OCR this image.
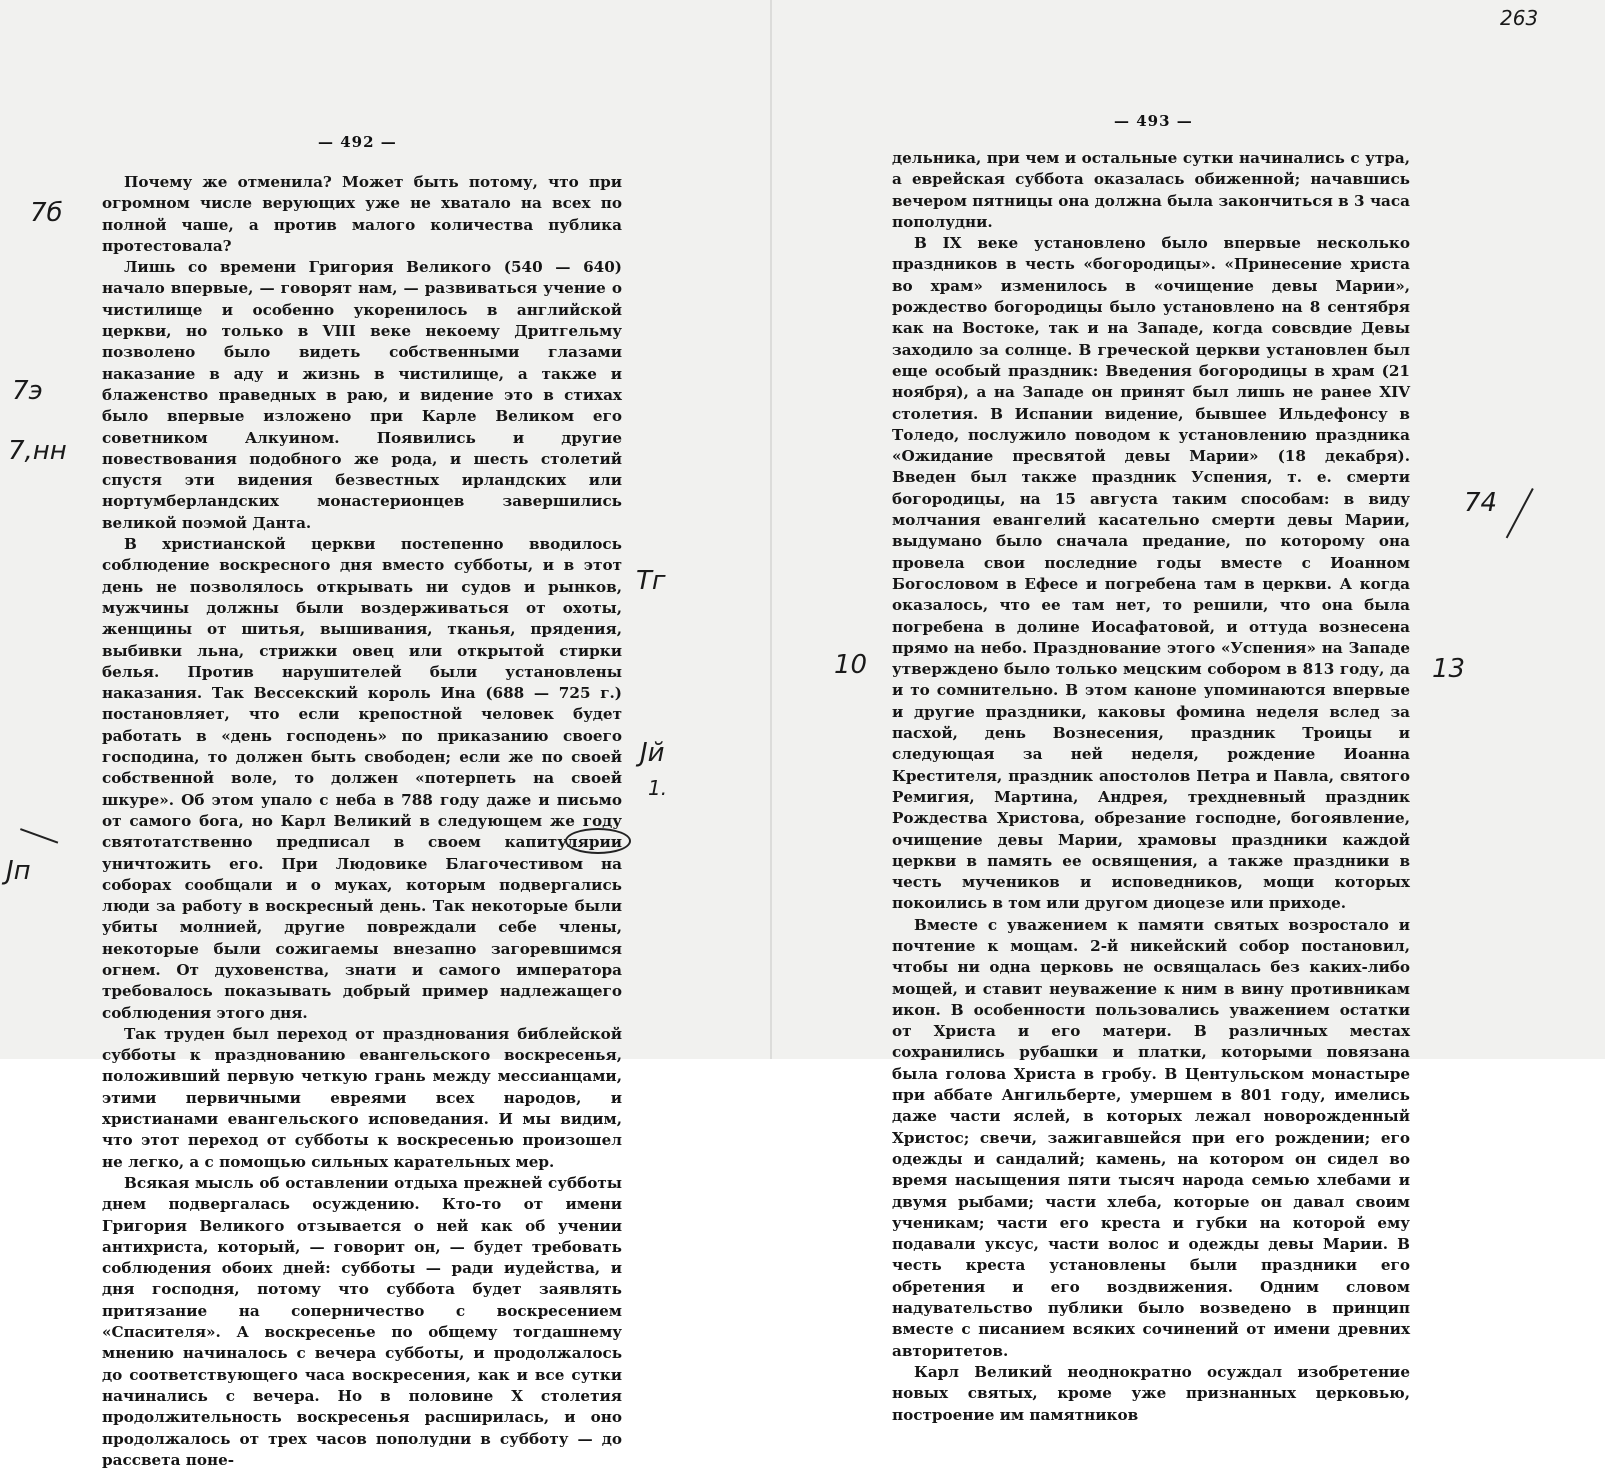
— 492 —

Почему же отменила? Может быть потому, что при огромном числе верующих уже не хватало на всех по полной чаше, а против малого количества публика протестовала?

Лишь со времени Григория Великого (540 — 640) начало впервые, — говорят нам, — развиваться учение о чистилище и особенно укоренилось в английской церкви, но только в VIII веке некоему Дритгельму позволено было видеть собственными глазами наказание в аду и жизнь в чистилище, а также и блаженство праведных в раю, и видение это в стихах было впервые изложено при Карле Великом его советником Алкуином. Появились и другие повествования подобного же рода, и шесть столетий спустя эти видения безвестных ирландских или нортумберландских монастерионцев завершились великой поэмой Данта.

В христианской церкви постепенно вводилось соблюдение воскресного дня вместо субботы, и в этот день не позволялось открывать ни судов и рынков, мужчины должны были воздерживаться от охоты, женщины от шитья, вышивания, тканья, прядения, выбивки льна, стрижки овец или открытой стирки белья. Против нарушителей были установлены наказания. Так Вессекский король Ина (688 — 725 г.) постановляет, что если крепостной человек будет работать в «день господень» по приказанию своего господина, то должен быть свободен; если же по своей собственной воле, то должен «потерпеть на своей шкуре». Об этом упало с неба в 788 году даже и письмо от самого бога, но Карл Великий в следующем же году святотатственно предписал в своем капитулярии уничтожить его. При Людовике Благочестивом на соборах сообщали и о муках, которым подвергались люди за работу в воскресный день. Так некоторые были убиты молнией, другие повреждали себе члены, некоторые были сожигаемы внезапно загоревшимся огнем. От духовенства, знати и самого императора требовалось показывать добрый пример надлежащего соблюдения этого дня.

Так труден был переход от празднования библейской субботы к празднованию евангельского воскресенья, положивший первую четкую грань между мессианцами, этими первичными евреями всех народов, и христианами евангельского исповедания. И мы видим, что этот переход от субботы к воскресенью произошел не легко, а с помощью сильных карательных мер.

Всякая мысль об оставлении отдыха прежней субботы днем подвергалась осуждению. Кто-то от имени Григория Великого отзывается о ней как об учении антихриста, который, — говорит он, — будет требовать соблюдения обоих дней: субботы — ради иудейства, и дня господня, потому что суббота будет заявлять притязание на соперничество с воскресением «Спасителя». А воскресенье по общему тогдашнему мнению начиналось с вечера субботы, и продолжалось до соответствующего часа воскресения, как и все сутки начинались с вечера. Но в половине X столетия продолжительность воскресенья расширилась, и оно продолжалось от трех часов пополудни в субботу — до рассвета поне-

7б
7э
7,нн
Тг
Јй
1.
Јп
— 493 —

дельника, при чем и остальные сутки начинались с утра, а еврейская суббота оказалась обиженной; начавшись вечером пятницы она должна была закончиться в 3 часа пополудни.

В IX веке установлено было впервые несколько праздников в честь «богородицы». «Принесение христа во храм» изменилось в «очищение девы Марии», рождество богородицы было установлено на 8 сентября как на Востоке, так и на Западе, когда совсвдие Девы заходило за солнце. В греческой церкви установлен был еще особый праздник: Введения богородицы в храм (21 ноября), а на Западе он принят был лишь не ранее XIV столетия. В Испании видение, бывшее Ильдефонсу в Толедо, послужило поводом к установлению праздника «Ожидание пресвятой девы Марии» (18 декабря). Введен был также праздник Успения, т. е. смерти богородицы, на 15 августа таким способам: в виду молчания евангелий касательно смерти девы Марии, выдумано было сначала предание, по которому она провела свои последние годы вместе с Иоанном Богословом в Ефесе и погребена там в церкви. А когда оказалось, что ее там нет, то решили, что она была погребена в долине Иосафатовой, и оттуда вознесена прямо на небо. Празднование этого «Успения» на Западе утверждено было только мецским собором в 813 году, да и то сомнительно. В этом каноне упоминаются впервые и другие праздники, каковы фомина неделя вслед за пасхой, день Вознесения, праздник Троицы и следующая за ней неделя, рождение Иоанна Крестителя, праздник апостолов Петра и Павла, святого Ремигия, Мартина, Андрея, трехдневный праздник Рождества Христова, обрезание господне, богоявление, очищение девы Марии, храмовы праздники каждой церкви в память ее освящения, а также праздники в честь мучеников и исповедников, мощи которых покоились в том или другом диоцезе или приходе.

Вместе с уважением к памяти святых возростало и почтение к мощам. 2-й никейский собор постановил, чтобы ни одна церковь не освящалась без каких-либо мощей, и ставит неуважение к ним в вину противникам икон. В особенности пользовались уважением остатки от Христа и его матери. В различных местах сохранились рубашки и платки, которыми повязана была голова Христа в гробу. В Центульском монастыре при аббате Ангильберте, умершем в 801 году, имелись даже части яслей, в которых лежал новорожденный Христос; свечи, зажигавшейся при его рождении; его одежды и сандалий; камень, на котором он сидел во время насыщения пяти тысяч народа семью хлебами и двумя рыбами; части хлеба, которые он давал своим ученикам; части его креста и губки на которой ему подавали уксус, части волос и одежды девы Марии. В честь креста установлены были праздники его обретения и его воздвижения. Одним словом надувательство публики было возведено в принцип вместе с писанием всяких сочинений от имени древних авторитетов.

Карл Великий неоднократно осуждал изобретение новых святых, кроме уже признанных церковью, построение им памятников

263
74
10	13
